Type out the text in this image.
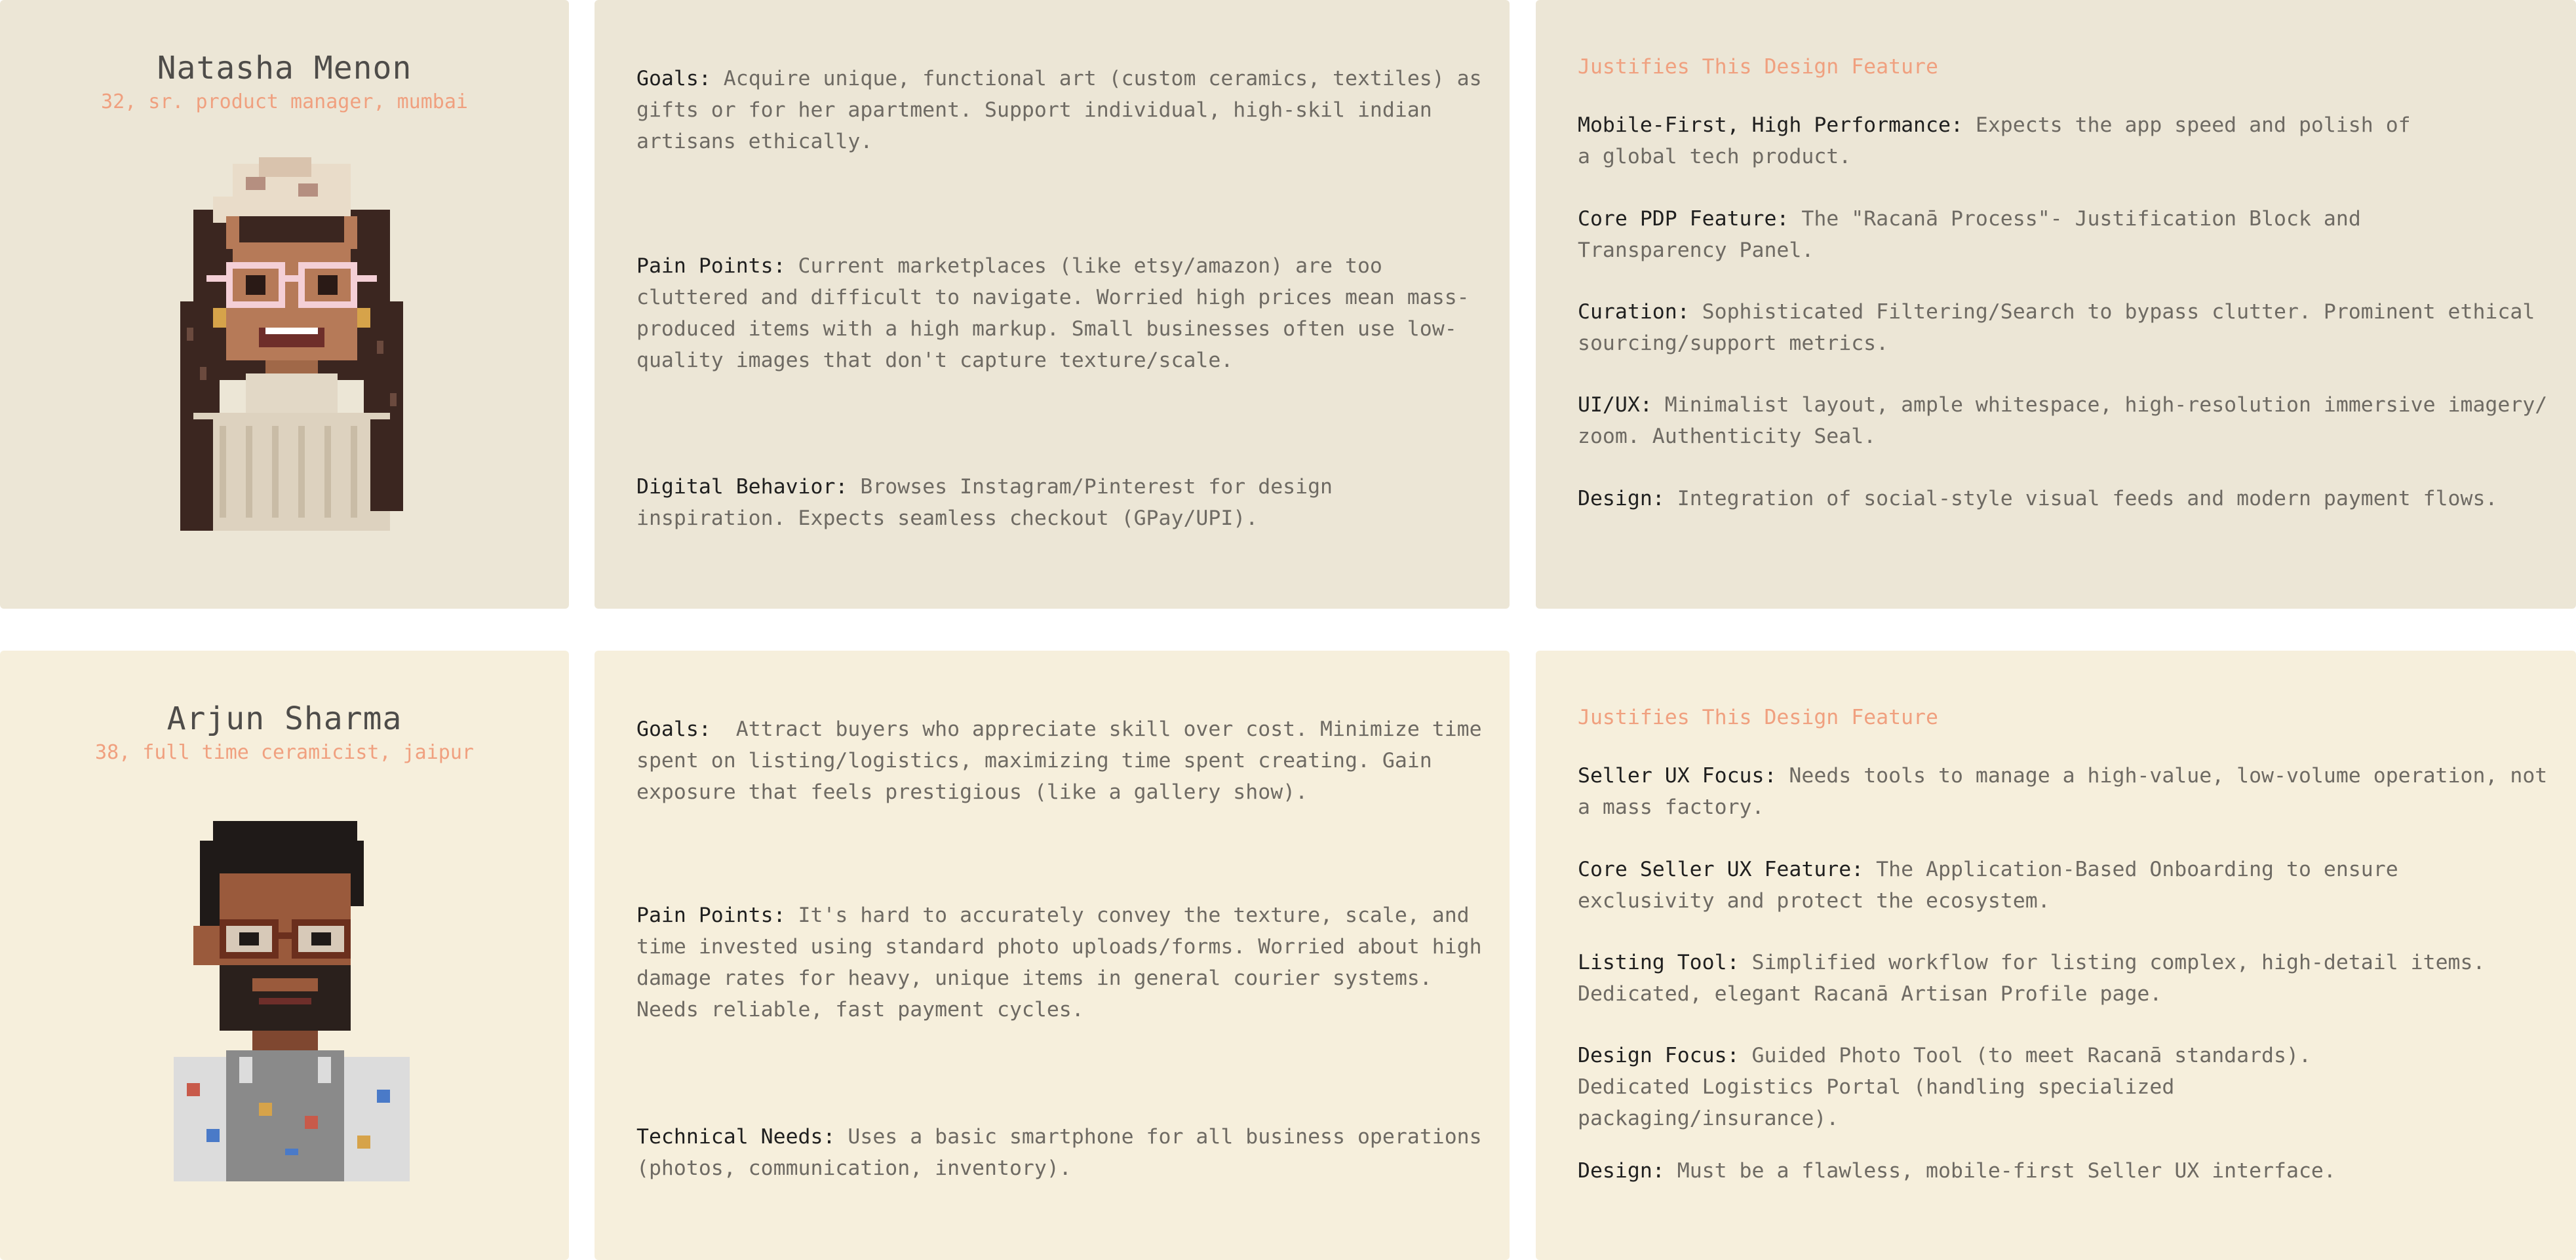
Natasha Menon
32, sr. product manager, mumbai
Goals: Acquire unique, functional art (custom ceramics, textiles) as gifts or for her apartment. Support individual, high-skil indian artisans ethically.
Pain Points: Current marketplaces (like etsy/amazon) are too cluttered and difficult to navigate. Worried high prices mean mass-produced items with a high markup. Small businesses often use low-quality images that don't capture texture/scale.
Digital Behavior: Browses Instagram/Pinterest for design inspiration. Expects seamless checkout (GPay/UPI).
Justifies This Design Feature
Mobile-First, High Performance: Expects the app speed and polish of a global tech product.
Core PDP Feature: The "Racanā Process"- Justification Block and Transparency Panel.
Curation: Sophisticated Filtering/Search to bypass clutter. Prominent ethical sourcing/support metrics.
UI/UX: Minimalist layout, ample whitespace, high-resolution immersive imagery/ zoom. Authenticity Seal.
Design: Integration of social-style visual feeds and modern payment flows.
Arjun Sharma
38, full time ceramicist, jaipur
Goals:  Attract buyers who appreciate skill over cost. Minimize time spent on listing/logistics, maximizing time spent creating. Gain exposure that feels prestigious (like a gallery show).
Pain Points: It's hard to accurately convey the texture, scale, and time invested using standard photo uploads/forms. Worried about high damage rates for heavy, unique items in general courier systems. Needs reliable, fast payment cycles.
Technical Needs: Uses a basic smartphone for all business operations (photos, communication, inventory).
Justifies This Design Feature
Seller UX Focus: Needs tools to manage a high-value, low-volume operation, not a mass factory.
Core Seller UX Feature: The Application-Based Onboarding to ensure exclusivity and protect the ecosystem.
Listing Tool: Simplified workflow for listing complex, high-detail items. Dedicated, elegant Racanā Artisan Profile page.
Design Focus: Guided Photo Tool (to meet Racanā standards). Dedicated Logistics Portal (handling specialized packaging/insurance).
Design: Must be a flawless, mobile-first Seller UX interface.
